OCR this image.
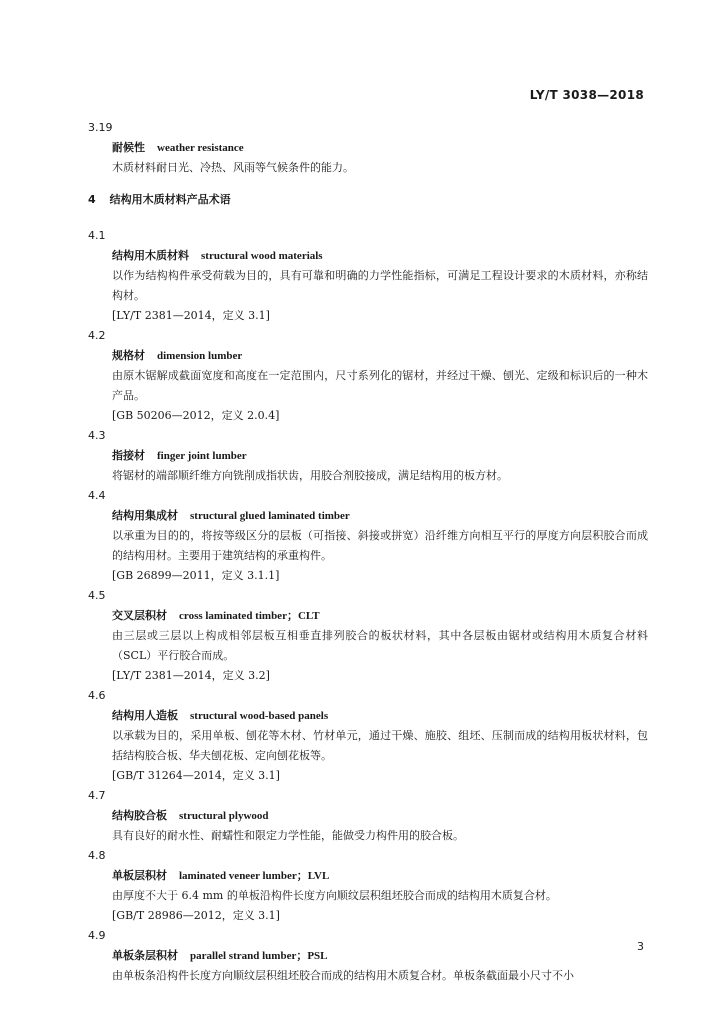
LY/T 3038—2018
3.19
耐候性 weather resistance
木质材料耐日光、冷热、风雨等气候条件的能力。
4 结构用木质材料产品术语
4.1
结构用木质材料 structural wood materials
以作为结构构件承受荷载为目的，具有可靠和明确的力学性能指标，可满足工程设计要求的木质材料，亦称结构材。
[LY/T 2381—2014，定义 3.1]
4.2
规格材 dimension lumber
由原木锯解成截面宽度和高度在一定范围内，尺寸系列化的锯材，并经过干燥、刨光、定级和标识后的一种木产品。
[GB 50206—2012，定义 2.0.4]
4.3
指接材 finger joint lumber
将锯材的端部顺纤维方向铣削成指状齿，用胶合剂胶接成，满足结构用的板方材。
4.4
结构用集成材 structural glued laminated timber
以承重为目的的，将按等级区分的层板（可指接、斜接或拼宽）沿纤维方向相互平行的厚度方向层积胶合而成的结构用材。主要用于建筑结构的承重构件。
[GB 26899—2011，定义 3.1.1]
4.5
交叉层积材 cross laminated timber；CLT
由三层或三层以上构成相邻层板互相垂直排列胶合的板状材料，其中各层板由锯材或结构用木质复合材料（SCL）平行胶合而成。
[LY/T 2381—2014，定义 3.2]
4.6
结构用人造板 structural wood-based panels
以承载为目的，采用单板、刨花等木材、竹材单元，通过干燥、施胶、组坯、压制而成的结构用板状材料，包括结构胶合板、华夫刨花板、定向刨花板等。
[GB/T 31264—2014，定义 3.1]
4.7
结构胶合板 structural plywood
具有良好的耐水性、耐蠕性和限定力学性能，能做受力构件用的胶合板。
4.8
单板层积材 laminated veneer lumber；LVL
由厚度不大于 6.4 mm 的单板沿构件长度方向顺纹层积组坯胶合而成的结构用木质复合材。
[GB/T 28986—2012，定义 3.1]
4.9
单板条层积材 parallel strand lumber；PSL
由单板条沿构件长度方向顺纹层积组坯胶合而成的结构用木质复合材。单板条截面最小尺寸不小
3
